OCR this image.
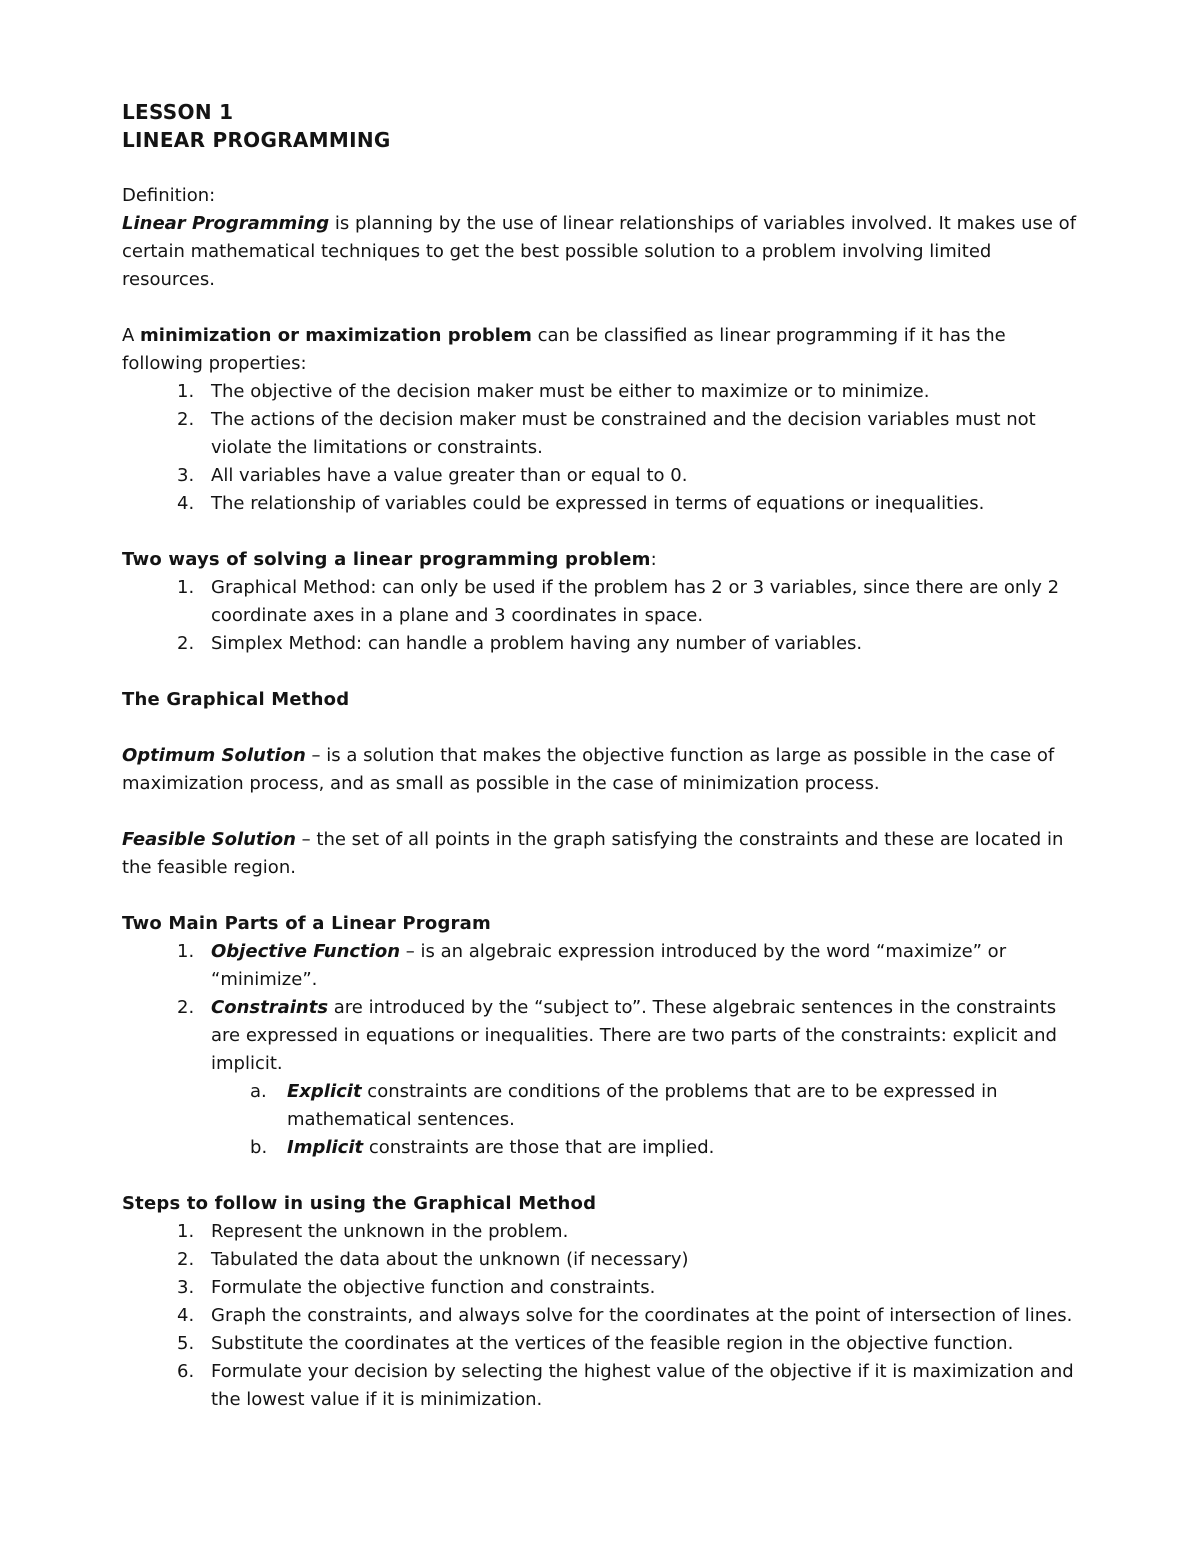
LESSON 1
LINEAR PROGRAMMING

Definition:

Linear Programming is planning by the use of linear relationships of variables involved. It makes use of certain mathematical techniques to get the best possible solution to a problem involving limited resources.

A minimization or maximization problem can be classified as linear programming if it has the following properties:

The objective of the decision maker must be either to maximize or to minimize.
The actions of the decision maker must be constrained and the decision variables must not violate the limitations or constraints.
All variables have a value greater than or equal to 0.
The relationship of variables could be expressed in terms of equations or inequalities.

Two ways of solving a linear programming problem:

Graphical Method: can only be used if the problem has 2 or 3 variables, since there are only 2 coordinate axes in a plane and 3 coordinates in space.
Simplex Method: can handle a problem having any number of variables.

The Graphical Method

Optimum Solution – is a solution that makes the objective function as large as possible in the case of maximization process, and as small as possible in the case of minimization process.

Feasible Solution – the set of all points in the graph satisfying the constraints and these are located in the feasible region.

Two Main Parts of a Linear Program

Objective Function – is an algebraic expression introduced by the word “maximize” or “minimize”.
Constraints are introduced by the “subject to”. These algebraic sentences in the constraints are expressed in equations or inequalities. There are two parts of the constraints: explicit and implicit.
Explicit constraints are conditions of the problems that are to be expressed in mathematical sentences.
Implicit constraints are those that are implied.

Steps to follow in using the Graphical Method

Represent the unknown in the problem.
Tabulated the data about the unknown (if necessary)
Formulate the objective function and constraints.
Graph the constraints, and always solve for the coordinates at the point of intersection of lines.
Substitute the coordinates at the vertices of the feasible region in the objective function.
Formulate your decision by selecting the highest value of the objective if it is maximization and the lowest value if it is minimization.
